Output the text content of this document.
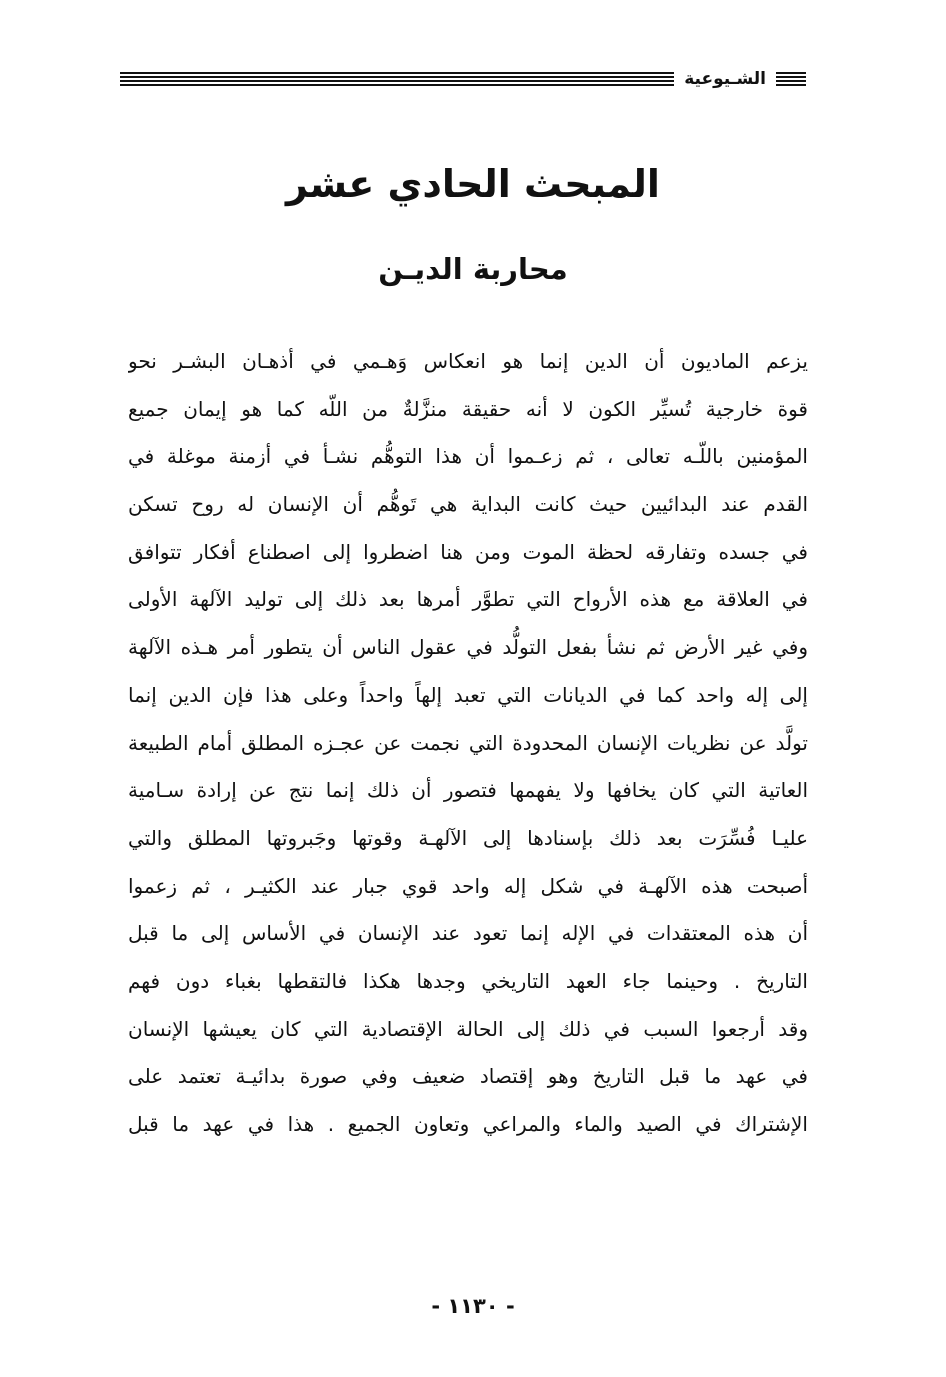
الشـيوعية
المبحث الحادي عشر
محاربة الديـن
يزعم الماديون أن الدين إنما هو انعكاس وَهـمي في أذهـان البشـر نحو
قوة خارجية تُسيِّر الكون لا أنه حقيقة منزَّلةٌ من اللّه كما هو إيمان جميع
المؤمنين باللّـه تعالى ، ثم زعـموا أن هذا التوهُّم نشـأ في أزمنة موغلة في
القدم عند البدائيين حيث كانت البداية هي تَوهُّم أن الإنسان له روح تسكن
في جسده وتفارقه لحظة الموت ومن هنا اضطروا إلى اصطناع أفكار تتوافق
في العلاقة مع هذه الأرواح التي تطوَّر أمرها بعد ذلك إلى توليد الآلهة الأولى
وفي غير الأرض ثم نشأ بفعل التولُّد في عقول الناس أن يتطور أمر هـذه الآلهة
إلى إله واحد كما في الديانات التي تعبد إلهاً واحداً وعلى هذا فإن الدين إنما
تولَّد عن نظريات الإنسان المحدودة التي نجمت عن عجـزه المطلق أمام الطبيعة
العاتية التي كان يخافها ولا يفهمها فتصور أن ذلك إنما نتج عن إرادة سـامية
عليـا فُسِّرَت بعد ذلك بإسنادها إلى الآلهـة وقوتها وجَبروتها المطلق والتي
أصبحت هذه الآلهـة في شكل إله واحد قوي جبار عند الكثيـر ، ثم زعموا
أن هذه المعتقدات في الإله إنما تعود عند الإنسان في الأساس إلى ما قبل
التاريخ . وحينما جاء العهد التاريخي وجدها هكذا فالتقطها بغباء دون فهم
وقد أرجعوا السبب في ذلك إلى الحالة الإقتصادية التي كان يعيشها الإنسان
في عهد ما قبل التاريخ وهو إقتصاد ضعيف وفي صورة بدائيـة تعتمد على
الإشتراك في الصيد والماء والمراعي وتعاون الجميع . هذا في عهد ما قبل
- ١١٣٠ -
